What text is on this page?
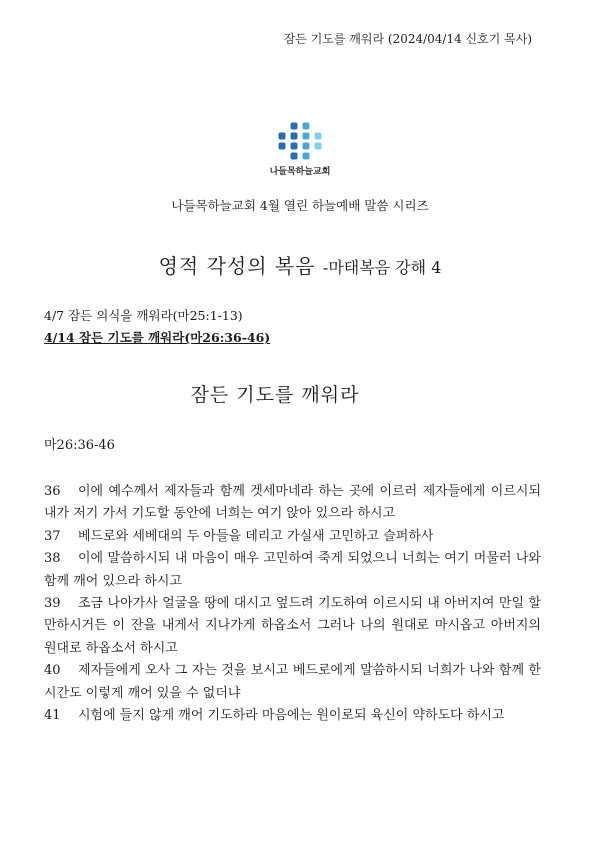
잠든 기도를 깨워라 (2024/04/14 신호기 목사)
나들목하늘교회
나들목하늘교회 4월 열린 하늘예배 말씀 시리즈
영적 각성의 복음 -마태복음 강해 4
4/7 잠든 의식을 깨워라(마25:1-13)
4/14 잠든 기도를 깨워라(마26:36-46)
잠든 기도를 깨워라
마26:36-46

36 이에 예수께서 제자들과 함께 겟세마네라 하는 곳에 이르러 제자들에게 이르시되 내가 저기 가서 기도할 동안에 너희는 여기 앉아 있으라 하시고

37 베드로와 세베대의 두 아들을 데리고 가실새 고민하고 슬퍼하사

38 이에 말씀하시되 내 마음이 매우 고민하여 죽게 되었으니 너희는 여기 머물러 나와 함께 깨어 있으라 하시고

39 조금 나아가사 얼굴을 땅에 대시고 엎드려 기도하여 이르시되 내 아버지여 만일 할 만하시거든 이 잔을 내게서 지나가게 하옵소서 그러나 나의 원대로 마시옵고 아버지의 원대로 하옵소서 하시고

40 제자들에게 오사 그 자는 것을 보시고 베드로에게 말씀하시되 너희가 나와 함께 한 시간도 이렇게 깨어 있을 수 없더냐

41 시험에 들지 않게 깨어 기도하라 마음에는 원이로되 육신이 약하도다 하시고
